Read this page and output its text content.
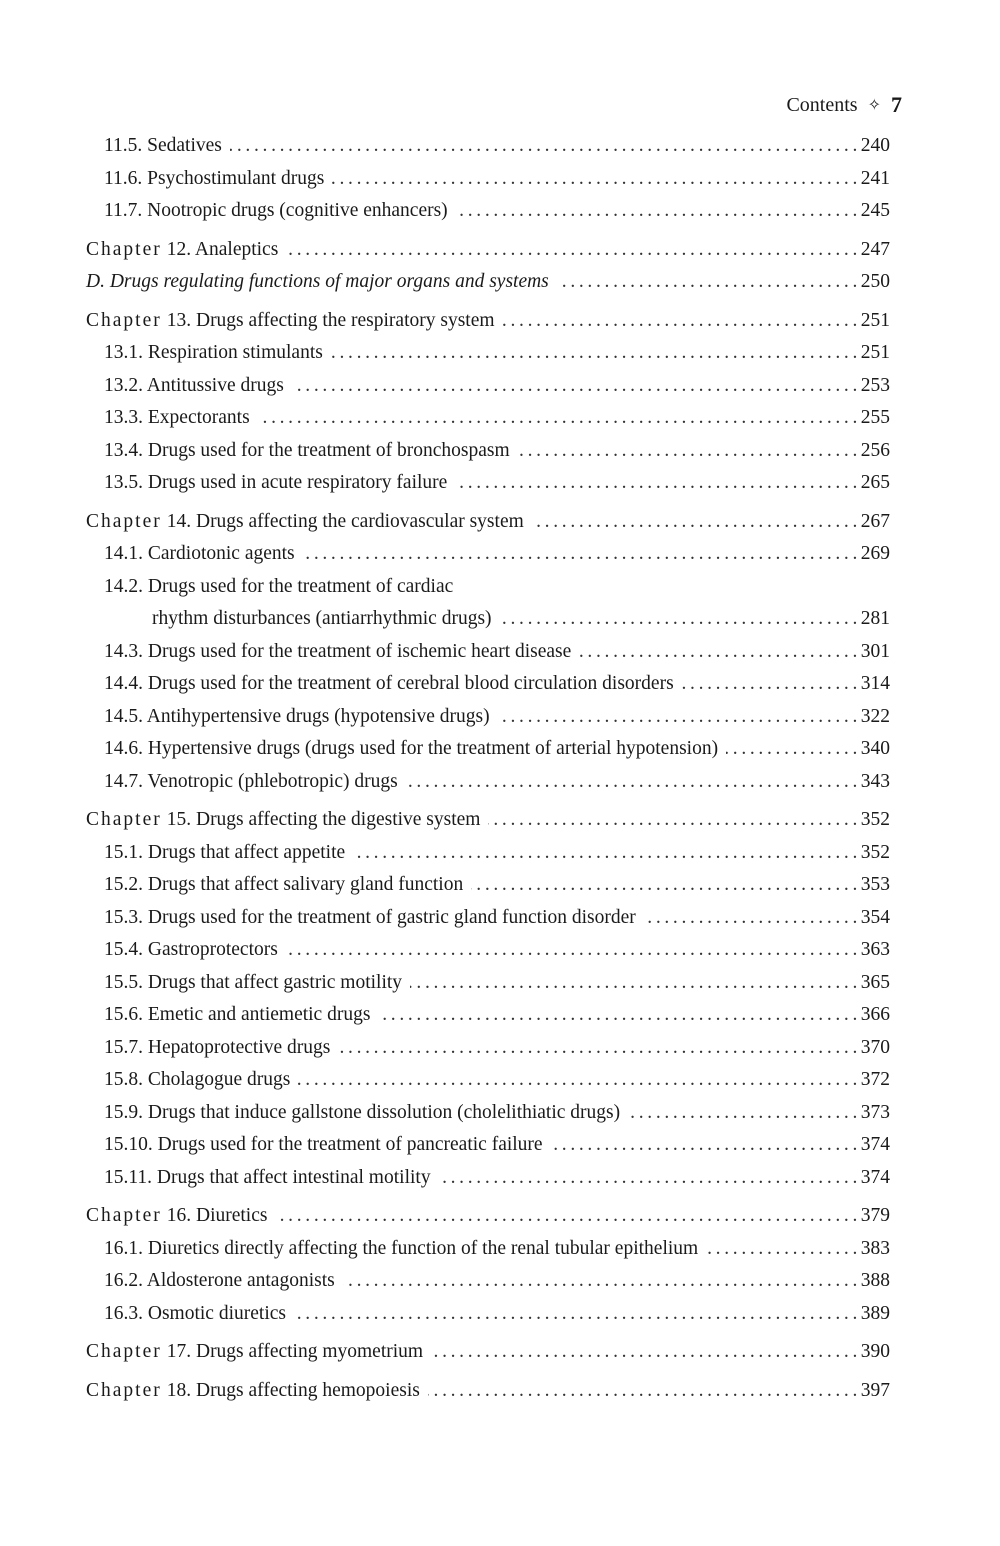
Contents ✧ 7
11.5. Sedatives . . .	240
11.6. Psychostimulant drugs . . .	241
11.7. Nootropic drugs (cognitive enhancers) . . .	245
Chapter 12. Analeptics . . .	247
D. Drugs regulating functions of major organs and systems . . .	250
Chapter 13. Drugs affecting the respiratory system . . .	251
13.1. Respiration stimulants . . .	251
13.2. Antitussive drugs . . .	253
13.3. Expectorants . . .	255
13.4. Drugs used for the treatment of bronchospasm . . .	256
13.5. Drugs used in acute respiratory failure . . .	265
Chapter 14. Drugs affecting the cardiovascular system . . .	267
14.1. Cardiotonic agents . . .	269
14.2. Drugs used for the treatment of cardiac
rhythm disturbances (antiarrhythmic drugs) . . .	281
14.3. Drugs used for the treatment of ischemic heart disease . . .	301
14.4. Drugs used for the treatment of cerebral blood circulation disorders . . .	314
14.5. Antihypertensive drugs (hypotensive drugs) . . .	322
14.6. Hypertensive drugs (drugs used for the treatment of arterial hypotension) . . .	340
14.7. Venotropic (phlebotropic) drugs . . .	343
Chapter 15. Drugs affecting the digestive system . . .	352
15.1. Drugs that affect appetite . . .	352
15.2. Drugs that affect salivary gland function . . .	353
15.3. Drugs used for the treatment of gastric gland function disorder . . .	354
15.4. Gastroprotectors . . .	363
15.5. Drugs that affect gastric motility . . .	365
15.6. Emetic and antiemetic drugs . . .	366
15.7. Hepatoprotective drugs . . .	370
15.8. Cholagogue drugs . . .	372
15.9. Drugs that induce gallstone dissolution (cholelithiatic drugs) . . .	373
15.10. Drugs used for the treatment of pancreatic failure . . .	374
15.11. Drugs that affect intestinal motility . . .	374
Chapter 16. Diuretics . . .	379
16.1. Diuretics directly affecting the function of the renal tubular epithelium . . .	383
16.2. Aldosterone antagonists . . .	388
16.3. Osmotic diuretics . . .	389
Chapter 17. Drugs affecting myometrium . . .	390
Chapter 18. Drugs affecting hemopoiesis . . .	397
